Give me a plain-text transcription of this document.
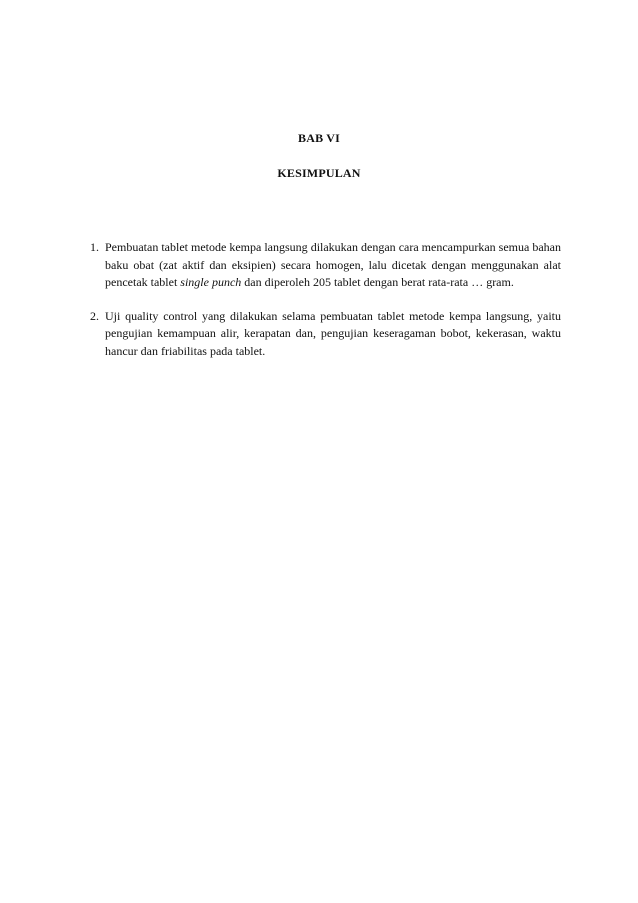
BAB VI
KESIMPULAN
1. Pembuatan tablet metode kempa langsung dilakukan dengan cara mencampurkan semua bahan baku obat (zat aktif dan eksipien) secara homogen, lalu dicetak dengan menggunakan alat pencetak tablet single punch dan diperoleh 205 tablet dengan berat rata-rata … gram.
2. Uji quality control yang dilakukan selama pembuatan tablet metode kempa langsung, yaitu pengujian kemampuan alir, kerapatan dan, pengujian keseragaman bobot, kekerasan, waktu hancur dan friabilitas pada tablet.
